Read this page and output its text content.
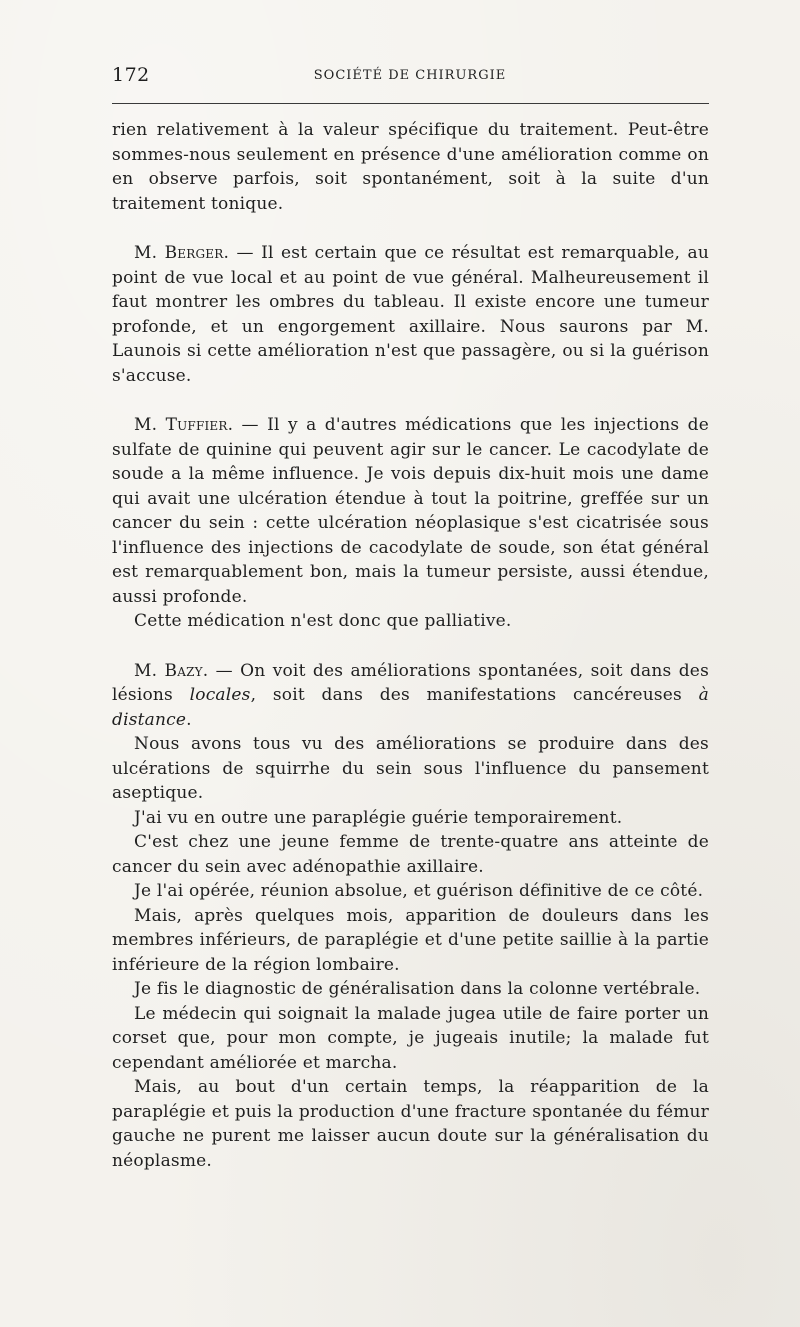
172	SOCIÉTÉ DE CHIRURGIE

rien relativement à la valeur spécifique du traitement. Peut-être sommes-nous seulement en présence d'une amélioration comme on en observe parfois, soit spontanément, soit à la suite d'un traitement tonique.

M. Berger. — Il est certain que ce résultat est remarquable, au point de vue local et au point de vue général. Malheureusement il faut montrer les ombres du tableau. Il existe encore une tumeur profonde, et un engorgement axillaire. Nous saurons par M. Launois si cette amélioration n'est que passagère, ou si la guérison s'accuse.

M. Tuffier. — Il y a d'autres médications que les injections de sulfate de quinine qui peuvent agir sur le cancer. Le cacodylate de soude a la même influence. Je vois depuis dix-huit mois une dame qui avait une ulcération étendue à tout la poitrine, greffée sur un cancer du sein : cette ulcération néoplasique s'est cicatrisée sous l'influence des injections de cacodylate de soude, son état général est remarquablement bon, mais la tumeur persiste, aussi étendue, aussi profonde.

Cette médication n'est donc que palliative.

M. Bazy. — On voit des améliorations spontanées, soit dans des lésions locales, soit dans des manifestations cancéreuses à distance.

Nous avons tous vu des améliorations se produire dans des ulcérations de squirrhe du sein sous l'influence du pansement aseptique.

J'ai vu en outre une paraplégie guérie temporairement.

C'est chez une jeune femme de trente-quatre ans atteinte de cancer du sein avec adénopathie axillaire.

Je l'ai opérée, réunion absolue, et guérison définitive de ce côté.

Mais, après quelques mois, apparition de douleurs dans les membres inférieurs, de paraplégie et d'une petite saillie à la partie inférieure de la région lombaire.

Je fis le diagnostic de généralisation dans la colonne vertébrale.

Le médecin qui soignait la malade jugea utile de faire porter un corset que, pour mon compte, je jugeais inutile; la malade fut cependant améliorée et marcha.

Mais, au bout d'un certain temps, la réapparition de la paraplégie et puis la production d'une fracture spontanée du fémur gauche ne purent me laisser aucun doute sur la généralisation du néoplasme.
